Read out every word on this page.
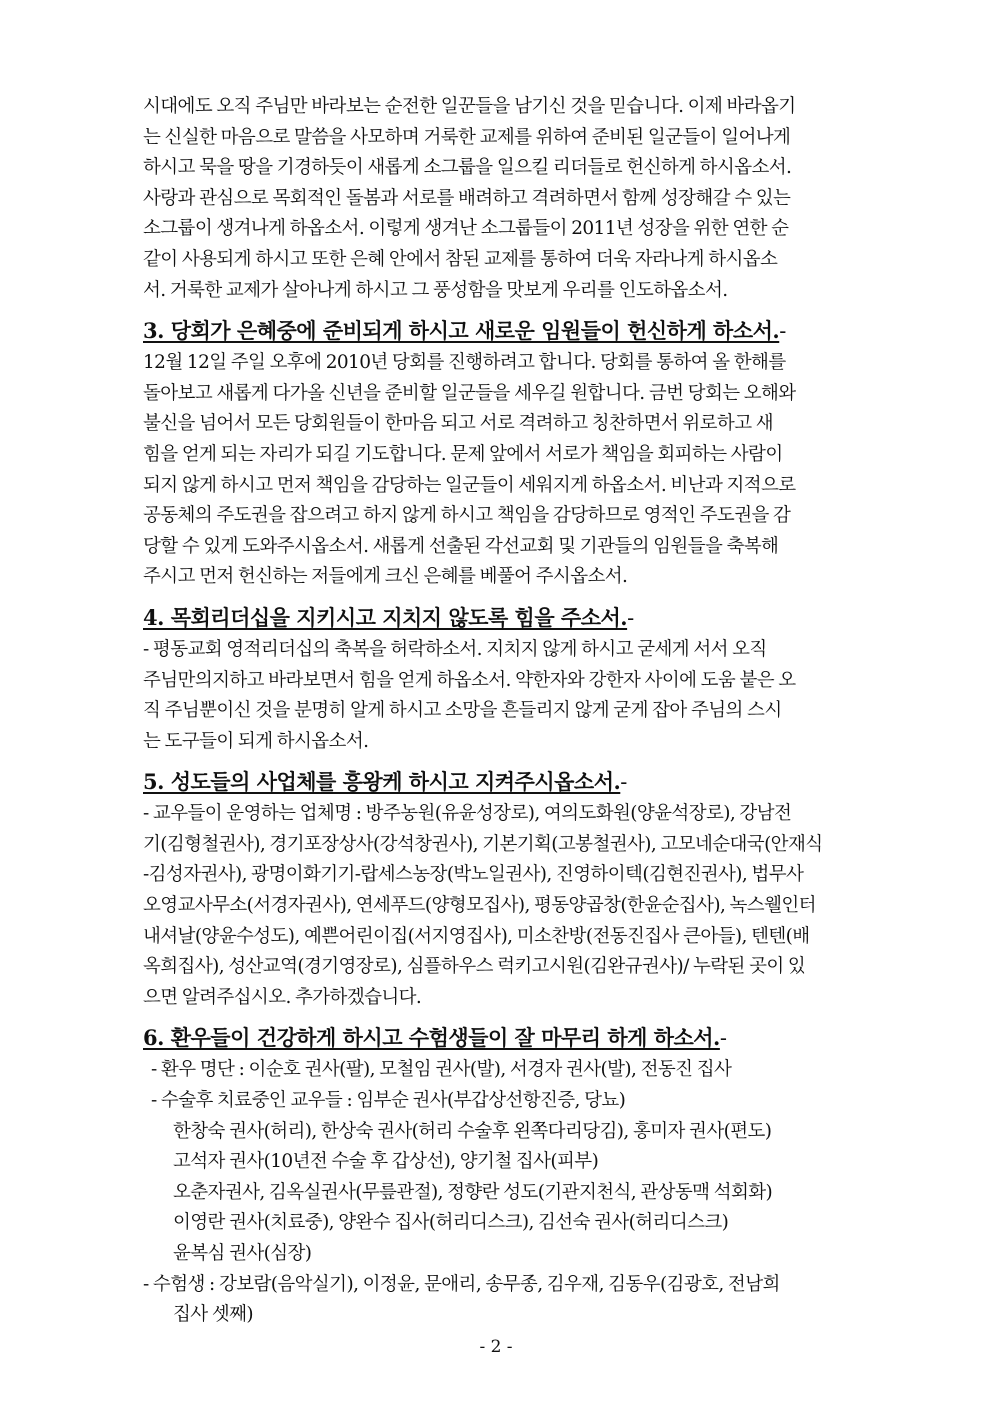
시대에도 오직 주님만 바라보는 순전한 일꾼들을 남기신 것을 믿습니다. 이제 바라옵기
는 신실한 마음으로 말씀을 사모하며 거룩한 교제를 위하여 준비된 일군들이 일어나게
하시고 묵을 땅을 기경하듯이 새롭게 소그룹을 일으킬 리더들로 헌신하게 하시옵소서.
사랑과 관심으로 목회적인 돌봄과 서로를 배려하고 격려하면서 함께 성장해갈 수 있는
소그룹이 생겨나게 하옵소서. 이렇게 생겨난 소그룹들이 2011년 성장을 위한 연한 순
같이 사용되게 하시고 또한 은혜 안에서 참된 교제를 통하여 더욱 자라나게 하시옵소
서. 거룩한 교제가 살아나게 하시고 그 풍성함을 맛보게 우리를 인도하옵소서.

3. 당회가 은혜중에 준비되게 하시고 새로운 임원들이 헌신하게 하소서.-

12월 12일 주일 오후에 2010년 당회를 진행하려고 합니다. 당회를 통하여 올 한해를
돌아보고 새롭게 다가올 신년을 준비할 일군들을 세우길 원합니다. 금번 당회는 오해와
불신을 넘어서 모든 당회원들이 한마음 되고 서로 격려하고 칭찬하면서 위로하고 새
힘을 얻게 되는 자리가 되길 기도합니다. 문제 앞에서 서로가 책임을 회피하는 사람이
되지 않게 하시고 먼저 책임을 감당하는 일군들이 세워지게 하옵소서. 비난과 지적으로
공동체의 주도권을 잡으려고 하지 않게 하시고 책임을 감당하므로 영적인 주도권을 감
당할 수 있게 도와주시옵소서. 새롭게 선출된 각선교회 및 기관들의 임원들을 축복해
주시고 먼저 헌신하는 저들에게 크신 은혜를 베풀어 주시옵소서.

4. 목회리더십을 지키시고 지치지 않도록 힘을 주소서.-

- 평동교회 영적리더십의 축복을 허락하소서. 지치지 않게 하시고 굳세게 서서 오직
주님만의지하고 바라보면서 힘을 얻게 하옵소서. 약한자와 강한자 사이에 도움 붙은 오
직 주님뿐이신 것을 분명히 알게 하시고 소망을 흔들리지 않게 굳게 잡아 주님의 스시
는 도구들이 되게 하시옵소서.

5. 성도들의 사업체를 흥왕케 하시고 지켜주시옵소서.-

- 교우들이 운영하는 업체명 : 방주농원(유윤성장로), 여의도화원(양윤석장로), 강남전
기(김형철권사), 경기포장상사(강석창권사), 기본기획(고봉철권사), 고모네순대국(안재식
-김성자권사), 광명이화기기-랍세스농장(박노일권사), 진영하이텍(김현진권사), 법무사
오영교사무소(서경자권사), 연세푸드(양형모집사), 평동양곱창(한윤순집사), 녹스웰인터
내셔날(양윤수성도), 예쁜어린이집(서지영집사), 미소찬방(전동진집사 큰아들), 텐텐(배
옥희집사), 성산교역(경기영장로), 심플하우스 럭키고시원(김완규권사)/ 누락된 곳이 있
으면 알려주십시오. 추가하겠습니다.

6. 환우들이 건강하게 하시고 수험생들이 잘 마무리 하게 하소서.-
- 환우 명단 : 이순호 권사(팔), 모철임 권사(발), 서경자 권사(발), 전동진 집사
- 수술후 치료중인 교우들 : 임부순 권사(부갑상선항진증, 당뇨)
한창숙 권사(허리), 한상숙 권사(허리 수술후 왼쪽다리당김), 홍미자 권사(편도)
고석자 권사(10년전 수술 후 갑상선), 양기철 집사(피부)
오춘자권사, 김옥실권사(무릎관절), 정향란 성도(기관지천식, 관상동맥 석회화)
이영란 권사(치료중), 양완수 집사(허리디스크), 김선숙 권사(허리디스크)
윤복심 권사(심장)
- 수험생 : 강보람(음악실기), 이정윤, 문애리, 송무종, 김우재, 김동우(김광호, 전남희
집사 셋째)
- 2 -
